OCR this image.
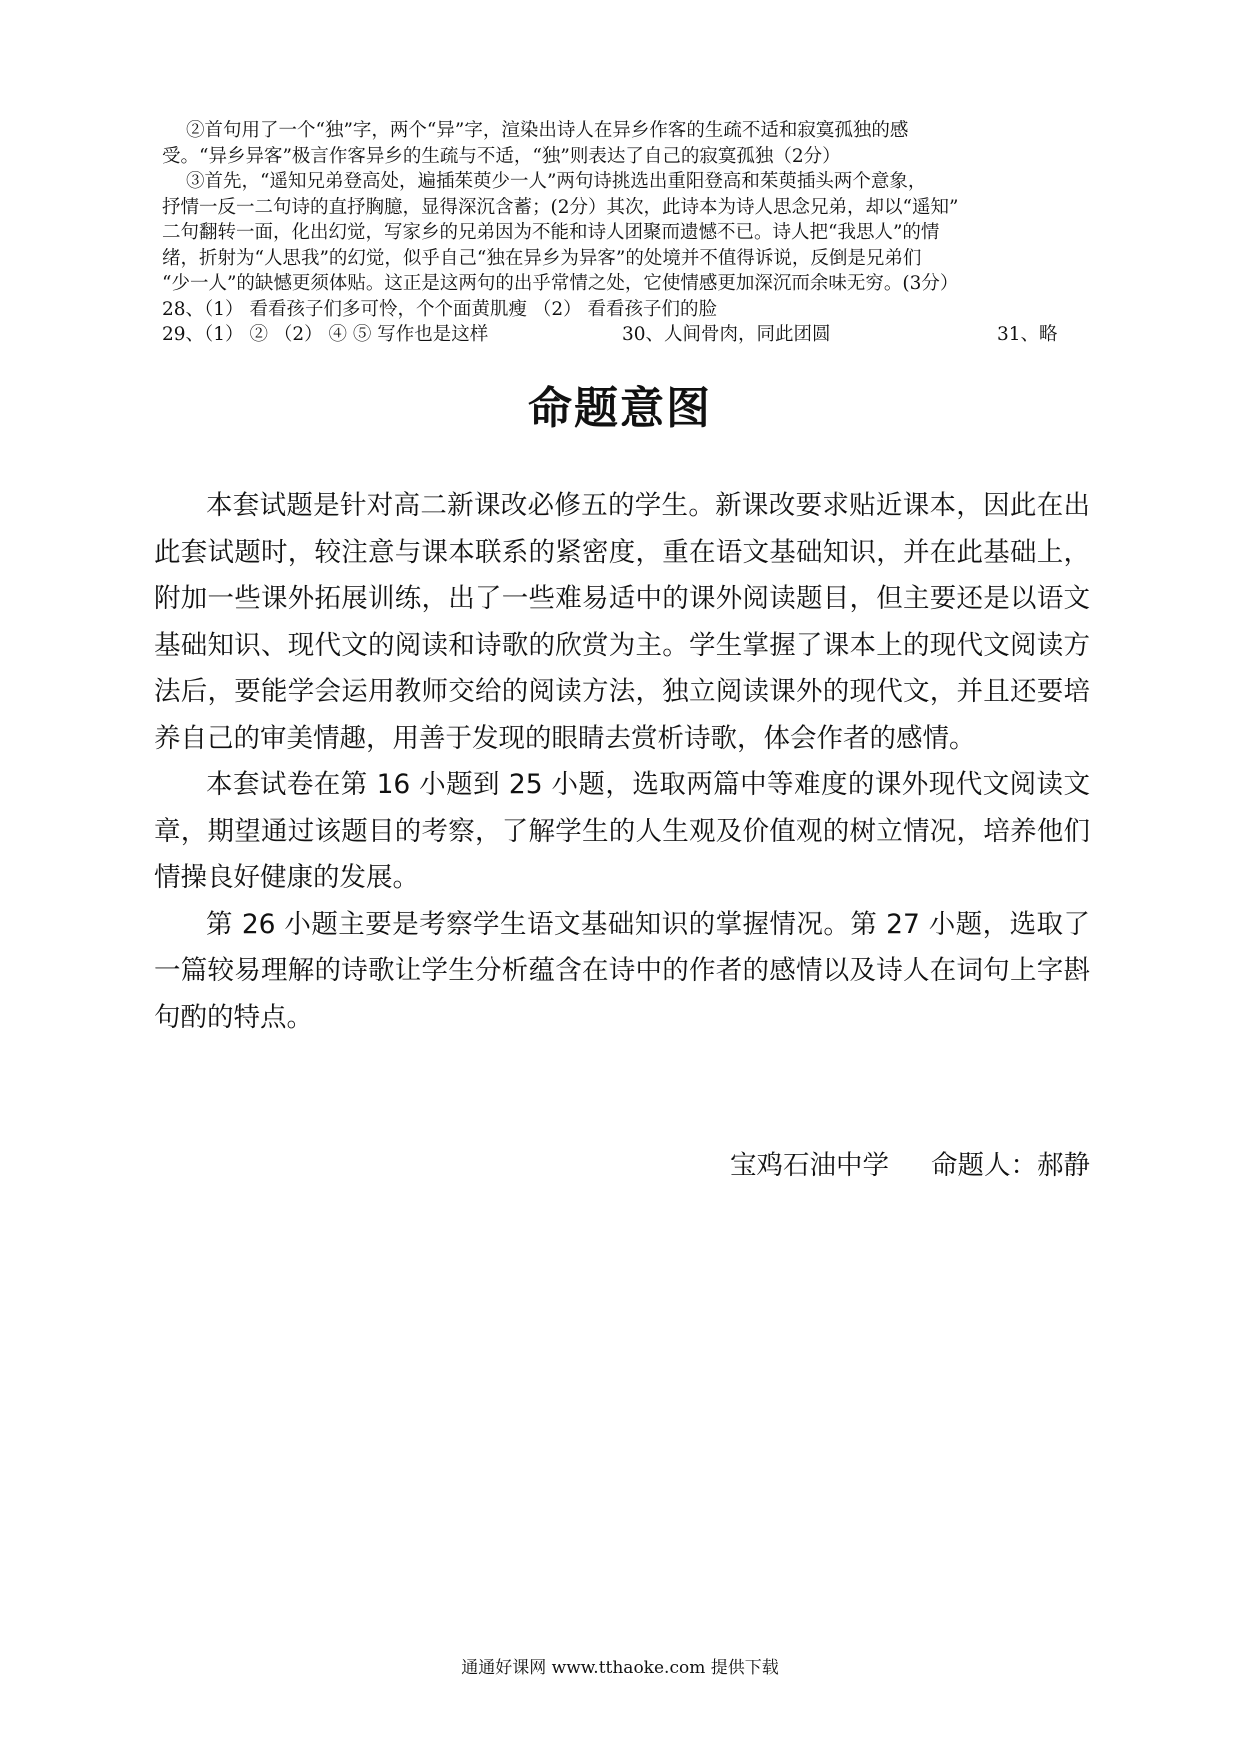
②首句用了一个“独”字，两个“异”字，渲染出诗人在异乡作客的生疏不适和寂寞孤独的感

受。“异乡异客”极言作客异乡的生疏与不适，“独”则表达了自己的寂寞孤独（2分）

③首先，“遥知兄弟登高处，遍插茱萸少一人”两句诗挑选出重阳登高和茱萸插头两个意象，

抒情一反一二句诗的直抒胸臆，显得深沉含蓄；(2分）其次，此诗本为诗人思念兄弟，却以“遥知”

二句翻转一面，化出幻觉，写家乡的兄弟因为不能和诗人团聚而遗憾不已。诗人把“我思人”的情

绪，折射为“人思我”的幻觉，似乎自己“独在异乡为异客”的处境并不值得诉说，反倒是兄弟们

“少一人”的缺憾更须体贴。这正是这两句的出乎常情之处，它使情感更加深沉而余味无穷。(3分）

28、（1） 看看孩子们多可怜，个个面黄肌瘦 （2） 看看孩子们的脸

29、（1） ② （2） ④ ⑤ 写作也是这样	30、人间骨肉，同此团圆	31、略
命题意图

本套试题是针对高二新课改必修五的学生。新课改要求贴近课本，因此在出此套试题时，较注意与课本联系的紧密度，重在语文基础知识，并在此基础上，附加一些课外拓展训练，出了一些难易适中的课外阅读题目，但主要还是以语文基础知识、现代文的阅读和诗歌的欣赏为主。学生掌握了课本上的现代文阅读方法后，要能学会运用教师交给的阅读方法，独立阅读课外的现代文，并且还要培养自己的审美情趣，用善于发现的眼睛去赏析诗歌，体会作者的感情。

本套试卷在第 16 小题到 25 小题，选取两篇中等难度的课外现代文阅读文章，期望通过该题目的考察，了解学生的人生观及价值观的树立情况，培养他们情操良好健康的发展。

第 26 小题主要是考察学生语文基础知识的掌握情况。第 27 小题，选取了一篇较易理解的诗歌让学生分析蕴含在诗中的作者的感情以及诗人在词句上字斟句酌的特点。

宝鸡石油中学 命题人：郝静
通通好课网 www.tthaoke.com 提供下载
